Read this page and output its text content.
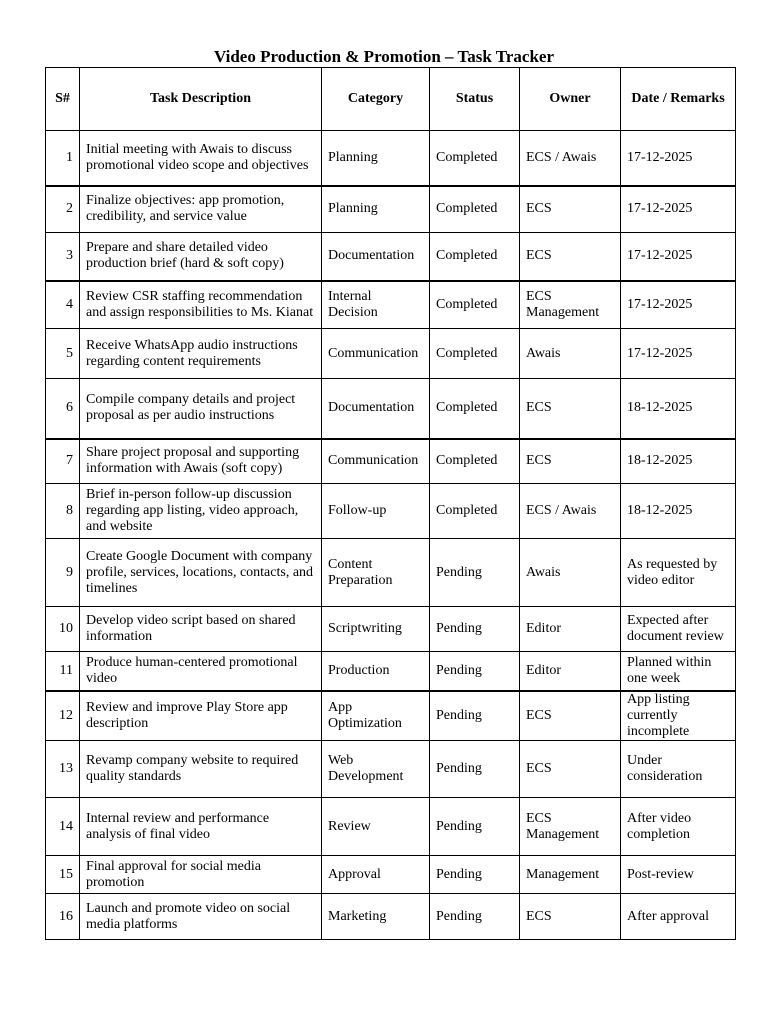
Video Production & Promotion – Task Tracker
S#	Task Description	Category	Status	Owner	Date / Remarks
1	Initial meeting with Awais to discuss promotional video scope and objectives	Planning	Completed	ECS / Awais	17-12-2025
2	Finalize objectives: app promotion, credibility, and service value	Planning	Completed	ECS	17-12-2025
3	Prepare and share detailed video production brief (hard & soft copy)	Documentation	Completed	ECS	17-12-2025
4	Review CSR staffing recommendation and assign responsibilities to Ms. Kianat	Internal Decision	Completed	ECS Management	17-12-2025
5	Receive WhatsApp audio instructions regarding content requirements	Communication	Completed	Awais	17-12-2025
6	Compile company details and project proposal as per audio instructions	Documentation	Completed	ECS	18-12-2025
7	Share project proposal and supporting information with Awais (soft copy)	Communication	Completed	ECS	18-12-2025
8	Brief in-person follow-up discussion regarding app listing, video approach, and website	Follow-up	Completed	ECS / Awais	18-12-2025
9	Create Google Document with company profile, services, locations, contacts, and timelines	Content Preparation	Pending	Awais	As requested by video editor
10	Develop video script based on shared information	Scriptwriting	Pending	Editor	Expected after document review
11	Produce human-centered promotional video	Production	Pending	Editor	Planned within one week
12	Review and improve Play Store app description	App Optimization	Pending	ECS	App listing currently incomplete
13	Revamp company website to required quality standards	Web Development	Pending	ECS	Under consideration
14	Internal review and performance analysis of final video	Review	Pending	ECS Management	After video completion
15	Final approval for social media promotion	Approval	Pending	Management	Post-review
16	Launch and promote video on social media platforms	Marketing	Pending	ECS	After approval
